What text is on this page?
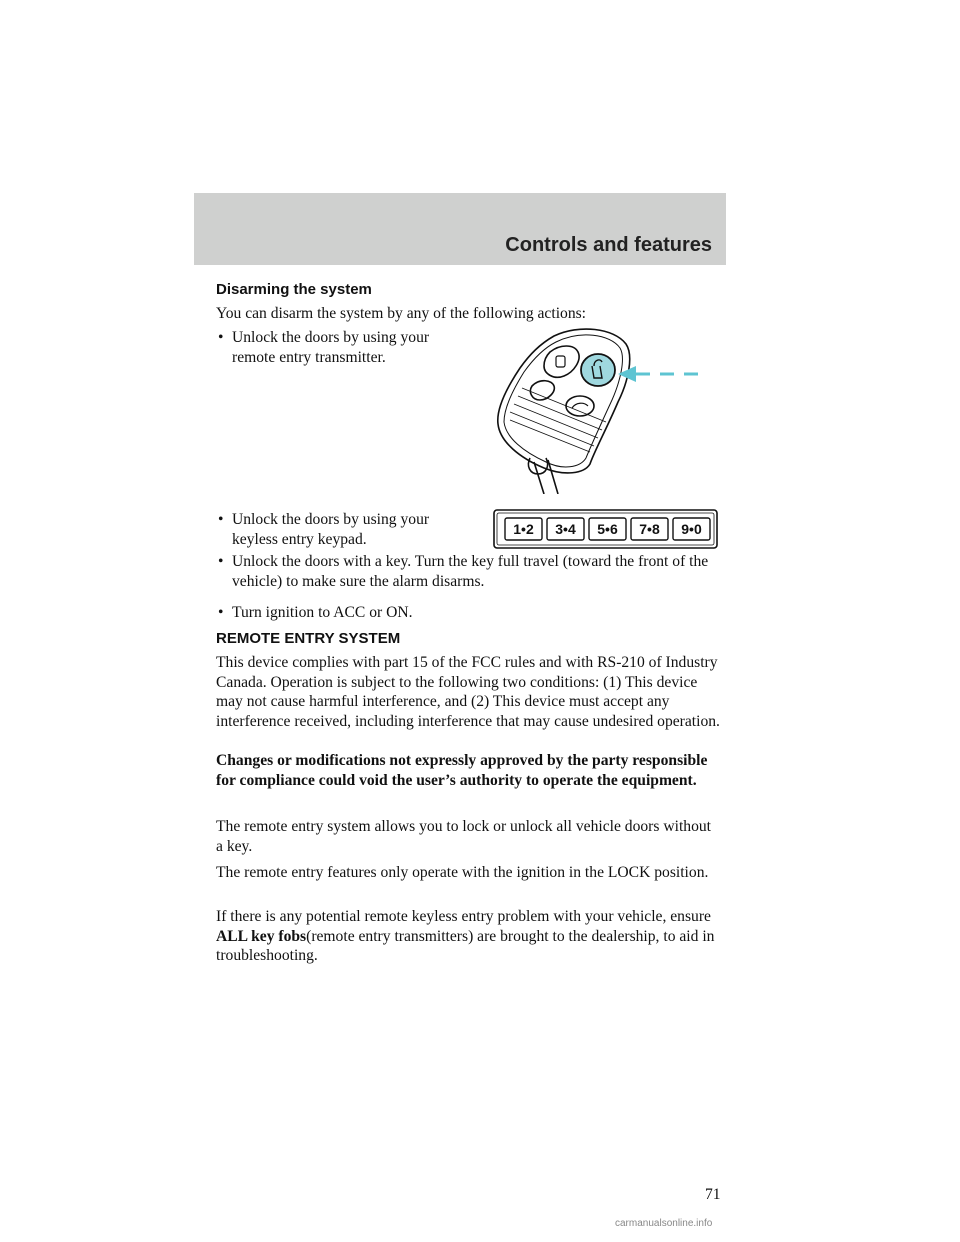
Controls and features
Disarming the system
You can disarm the system by any of the following actions:
• Unlock the doors by using your remote entry transmitter.
• Unlock the doors by using your keyless entry keypad.
• Unlock the doors with a key. Turn the key full travel (toward the front of the vehicle) to make sure the alarm disarms.
• Turn ignition to ACC or ON.
REMOTE ENTRY SYSTEM
This device complies with part 15 of the FCC rules and with RS-210 of Industry Canada. Operation is subject to the following two conditions: (1) This device may not cause harmful interference, and (2) This device must accept any interference received, including interference that may cause undesired operation.
Changes or modifications not expressly approved by the party responsible for compliance could void the user’s authority to operate the equipment.
The remote entry system allows you to lock or unlock all vehicle doors without a key.
The remote entry features only operate with the ignition in the LOCK position.
If there is any potential remote keyless entry problem with your vehicle, ensure ALL key fobs(remote entry transmitters) are brought to the dealership, to aid in troubleshooting.
1•2 3•4 5•6 7•8 9•0
71
carmanualsonline.info
